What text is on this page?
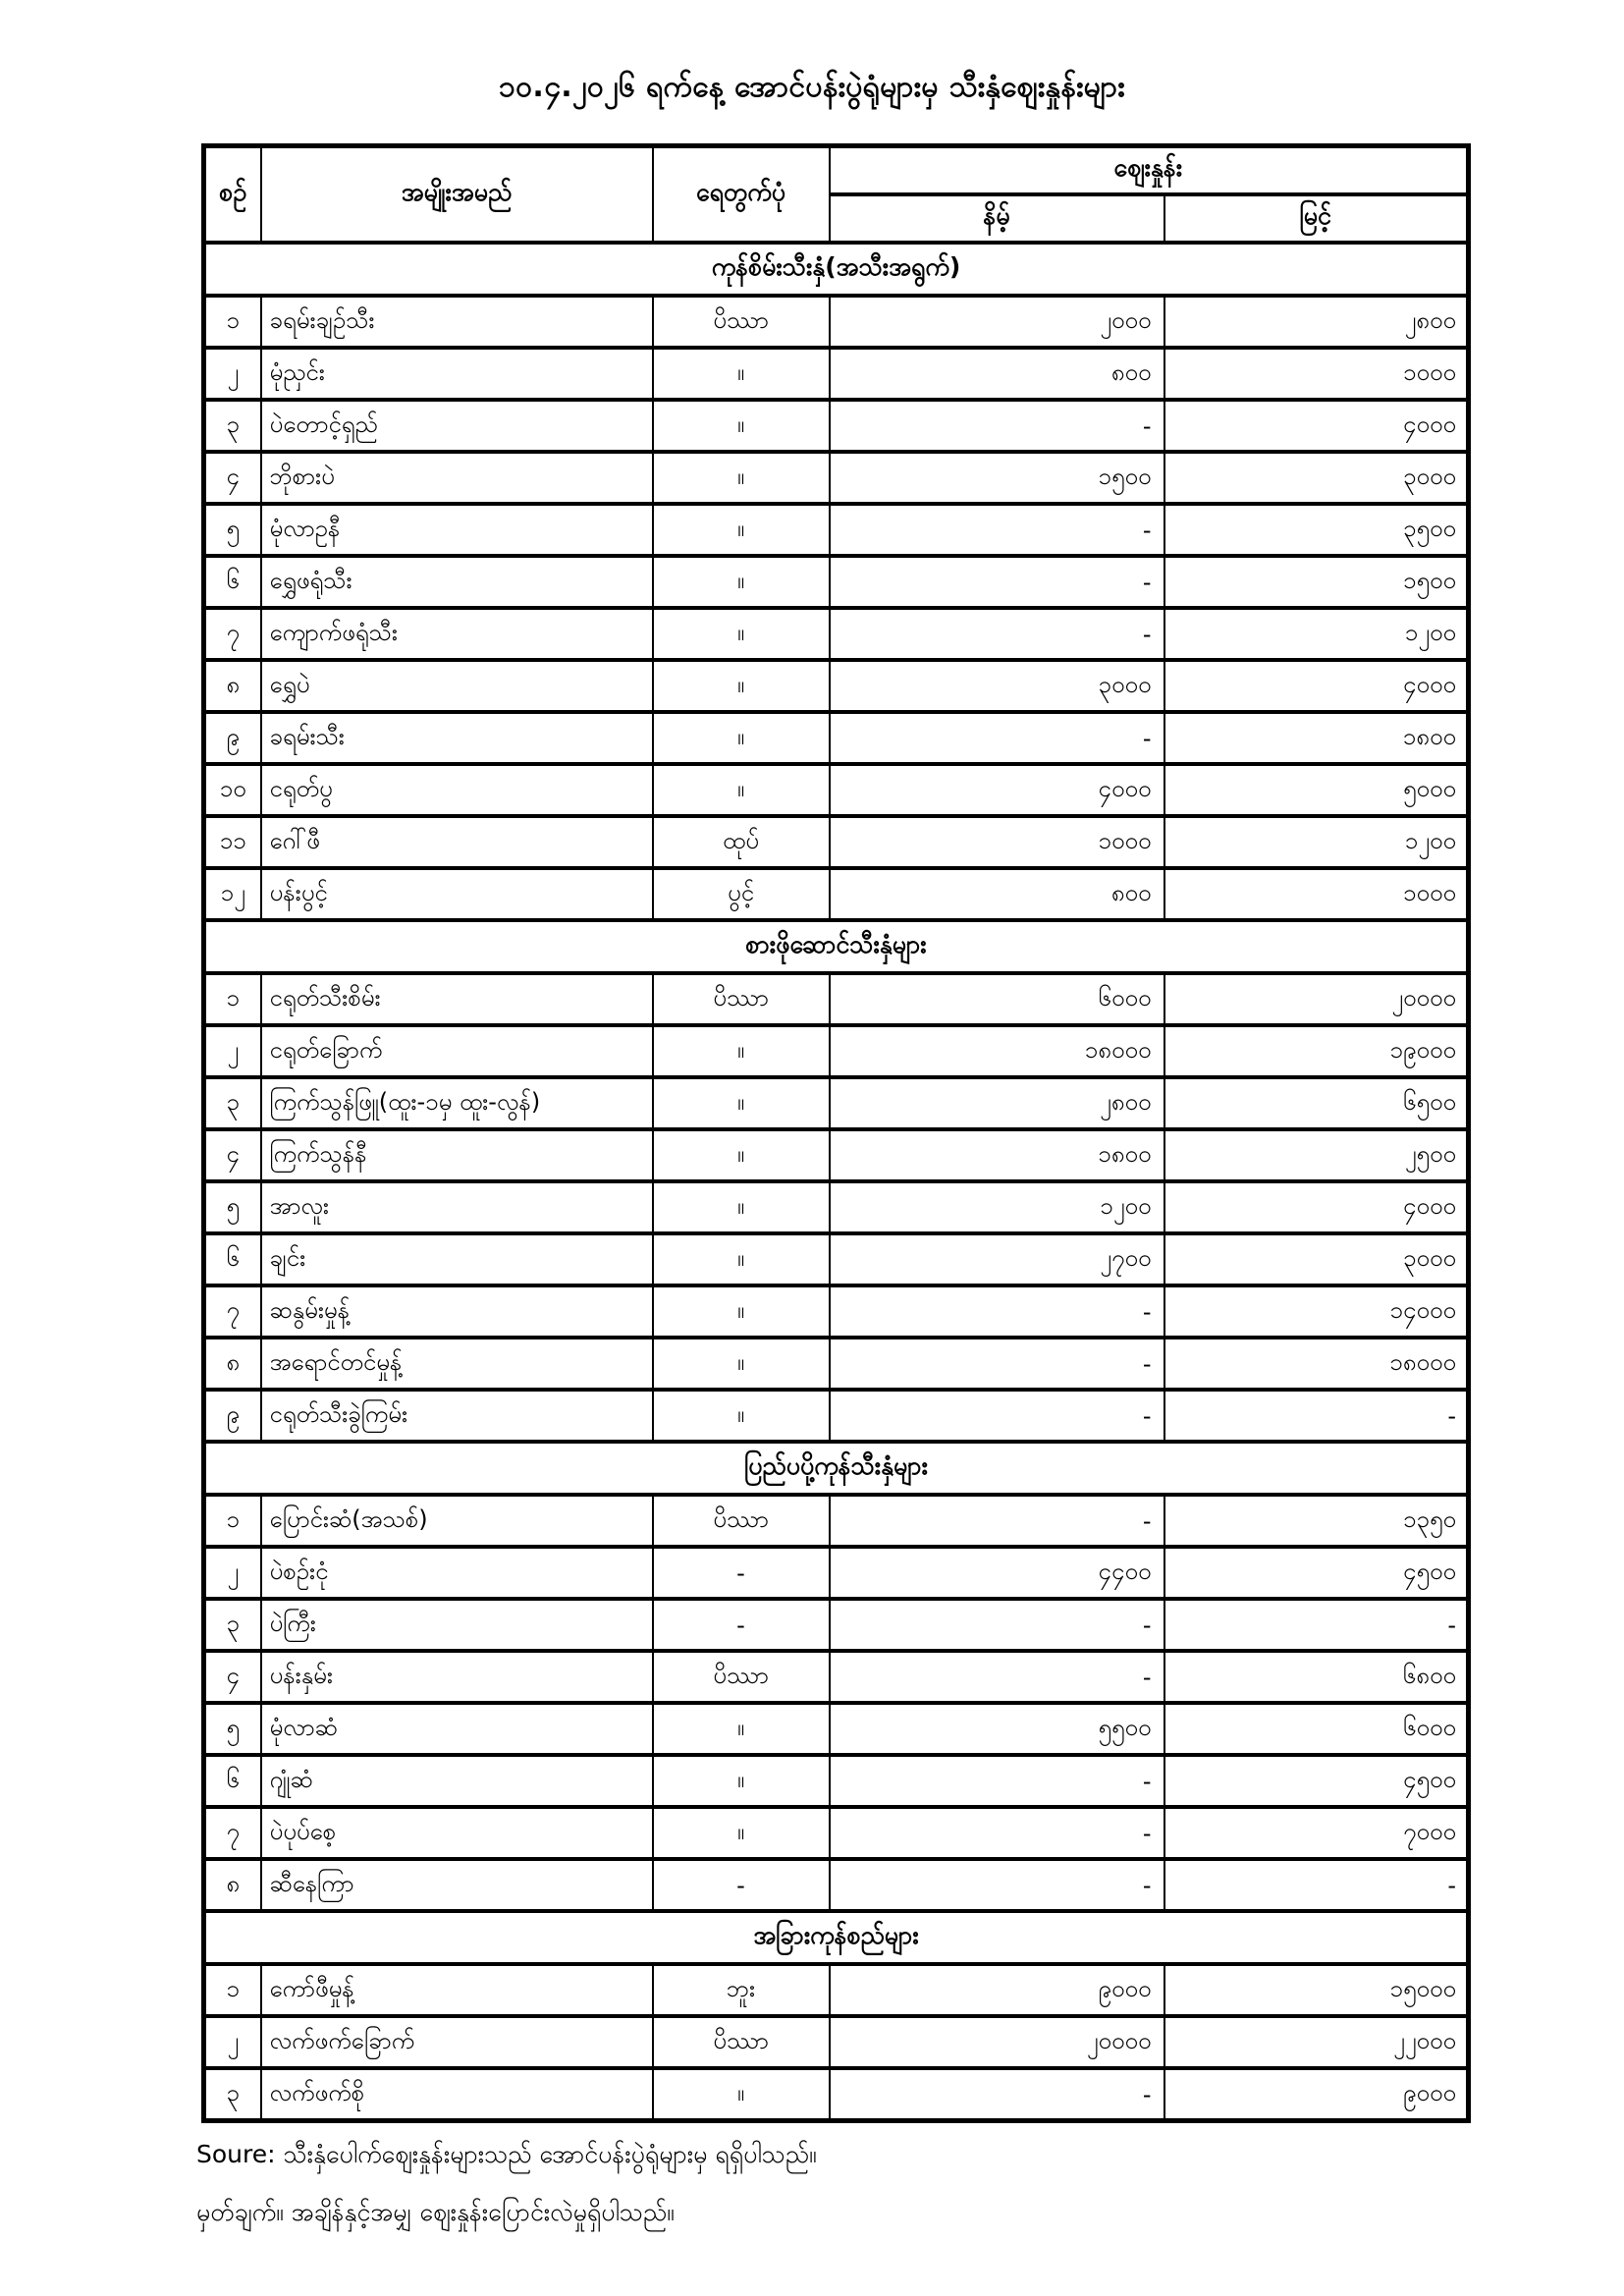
၁၀.၄.၂၀၂၆ ရက်နေ့ အောင်ပန်းပွဲရုံများမှ သီးနှံဈေးနှုန်းများ
စဉ်	အမျိုးအမည်	ရေတွက်ပုံ	ဈေးနှုန်း	
			နိမ့်	မြင့်
ကုန်စိမ်းသီးနှံ(အသီးအရွက်)				
၁	ခရမ်းချဉ်သီး	ပိဿာ	၂၀၀၀	၂၈၀၀
၂	မုံညှင်း	။	၈၀၀	၁၀၀၀
၃	ပဲတောင့်ရှည်	။	-	၄၀၀၀
၄	ဘိုစားပဲ	။	၁၅၀၀	၃၀၀၀
၅	မုံလာဥနီ	။	-	၃၅၀၀
၆	ရွှေဖရုံသီး	။	-	၁၅၀၀
၇	ကျောက်ဖရုံသီး	။	-	၁၂၀၀
၈	ရွှေပဲ	။	၃၀၀၀	၄၀၀၀
၉	ခရမ်းသီး	။	-	၁၈၀၀
၁၀	ငရုတ်ပွ	။	၄၀၀၀	၅၀၀၀
၁၁	ဂေါ်ဖီ	ထုပ်	၁၀၀၀	၁၂၀၀
၁၂	ပန်းပွင့်	ပွင့်	၈၀၀	၁၀၀၀
စားဖိုဆောင်သီးနှံများ				
၁	ငရုတ်သီးစိမ်း	ပိဿာ	၆၀၀၀	၂၀၀၀၀
၂	ငရုတ်ခြောက်	။	၁၈၀၀၀	၁၉၀၀၀
၃	ကြက်သွန်ဖြူ(ထူး-၁မှ ထူး-လွန်)	။	၂၈၀၀	၆၅၀၀
၄	ကြက်သွန်နီ	။	၁၈၀၀	၂၅၀၀
၅	အာလူး	။	၁၂၀၀	၄၀၀၀
၆	ချင်း	။	၂၇၀၀	၃၀၀၀
၇	ဆနွမ်းမှုန့်	။	-	၁၄၀၀၀
၈	အရောင်တင်မှုန့်	။	-	၁၈၀၀၀
၉	ငရုတ်သီးခွဲကြမ်း	။	-	-
ပြည်ပပို့ကုန်သီးနှံများ				
၁	ပြောင်းဆံ(အသစ်)	ပိဿာ	-	၁၃၅၀
၂	ပဲစဉ်းငုံ	-	၄၄၀၀	၄၅၀၀
၃	ပဲကြီး	-	-	-
၄	ပန်းနှမ်း	ပိဿာ	-	၆၈၀၀
၅	မုံလာဆံ	။	၅၅၀၀	၆၀၀၀
၆	ဂျုံဆံ	။	-	၄၅၀၀
၇	ပဲပုပ်စေ့	။	-	၇၀၀၀
၈	ဆီနေကြာ	-	-	-
အခြားကုန်စည်များ				
၁	ကော်ဖီမှုန့်	ဘူး	၉၀၀၀	၁၅၀၀၀
၂	လက်ဖက်ခြောက်	ပိဿာ	၂၀၀၀၀	၂၂၀၀၀
၃	လက်ဖက်စို	။	-	၉၀၀၀
Soure: သီးနှံပေါက်ဈေးနှုန်းများသည် အောင်ပန်းပွဲရုံများမှ ရရှိပါသည်။
မှတ်ချက်။ အချိန်နှင့်အမျှ ဈေးနှုန်းပြောင်းလဲမှုရှိပါသည်။
